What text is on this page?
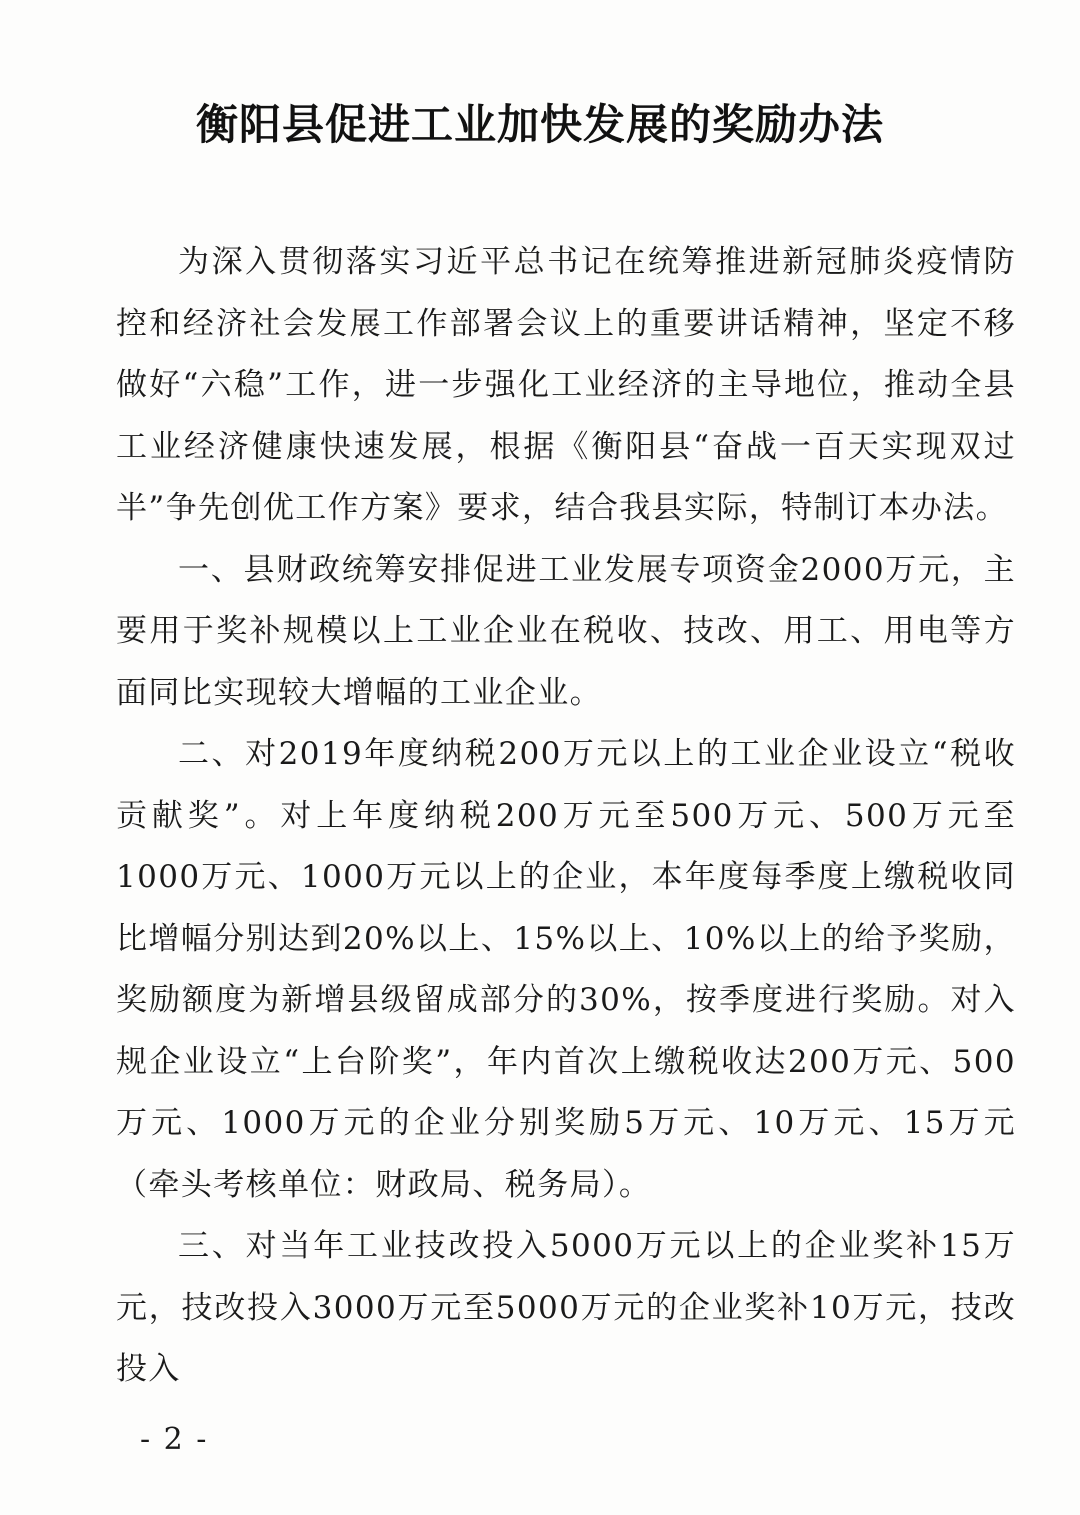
衡阳县促进工业加快发展的奖励办法

为深入贯彻落实习近平总书记在统筹推进新冠肺炎疫情防控和经济社会发展工作部署会议上的重要讲话精神，坚定不移做好“六稳”工作，进一步强化工业经济的主导地位，推动全县工业经济健康快速发展，根据《衡阳县“奋战一百天实现双过半”争先创优工作方案》要求，结合我县实际，特制订本办法。

一、县财政统筹安排促进工业发展专项资金2000万元，主要用于奖补规模以上工业企业在税收、技改、用工、用电等方面同比实现较大增幅的工业企业。

二、对2019年度纳税200万元以上的工业企业设立“税收贡献奖”。对上年度纳税200万元至500万元、500万元至1000万元、1000万元以上的企业，本年度每季度上缴税收同比增幅分别达到20%以上、15%以上、10%以上的给予奖励，奖励额度为新增县级留成部分的30%，按季度进行奖励。对入规企业设立“上台阶奖”，年内首次上缴税收达200万元、500万元、1000万元的企业分别奖励5万元、10万元、15万元（牵头考核单位：财政局、税务局）。

三、对当年工业技改投入5000万元以上的企业奖补15万元，技改投入3000万元至5000万元的企业奖补10万元，技改投入

- 2 -
